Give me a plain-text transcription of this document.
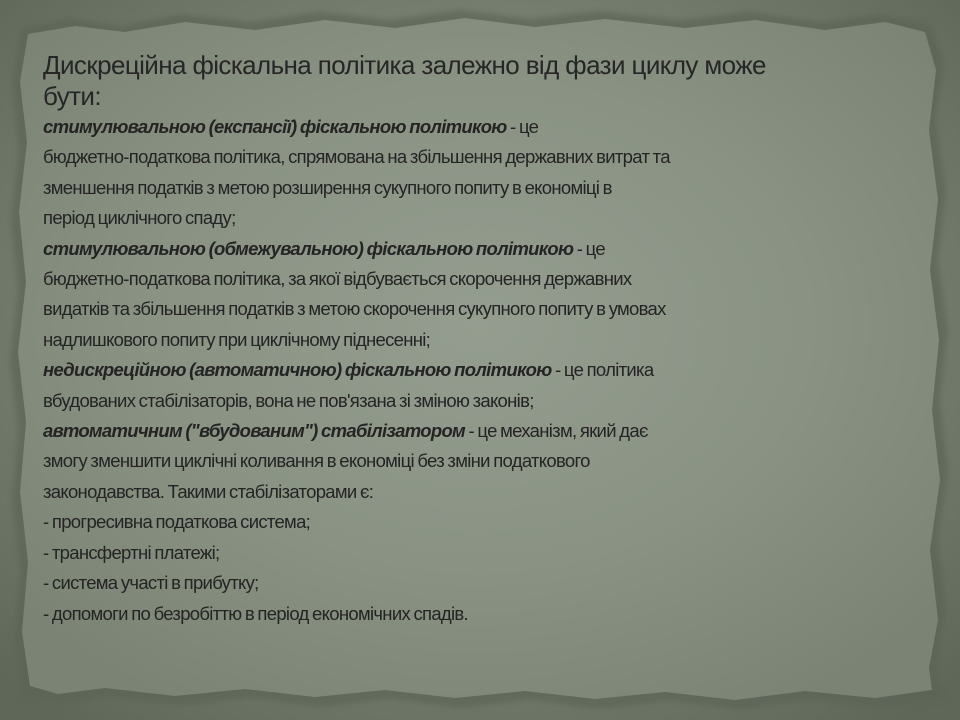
Дискреційна фіскальна політика залежно від фази циклу може
бути:
стимулювальною (експансії) фіскальною політикою - це
бюджетно-податкова політика, спрямована на збільшення державних витрат та
зменшення податків з метою розширення сукупного попиту в економіці в
період циклічного спаду;
стимулювальною (обмежувальною) фіскальною політикою - це
бюджетно-податкова політика, за якої відбувається скорочення державних
видатків та збільшення податків з метою скорочення сукупного попиту в умовах
надлишкового попиту при циклічному піднесенні;
недискреційною (автоматичною) фіскальною політикою - це політика
вбудованих стабілізаторів, вона не пов'язана зі зміною законів;
автоматичним ("вбудованим") стабілізатором - це механізм, який дає
змогу зменшити циклічні коливання в економіці без зміни податкового
законодавства. Такими стабілізаторами є:
- прогресивна податкова система;
- трансфертні платежі;
- система участі в прибутку;
- допомоги по безробіттю в період економічних спадів.
